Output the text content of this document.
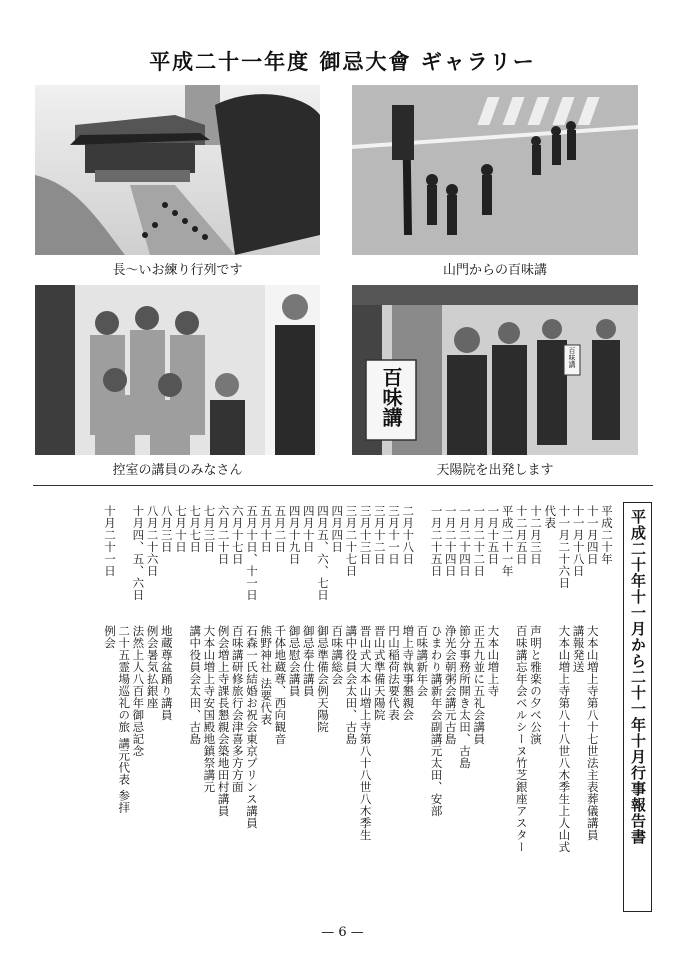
平成二十一年度 御忌大會 ギャラリー
長～いお練り行列です	山門からの百味講
控室の講員のみなさん
百味講
百味講
天陽院を出発します
平成二十年十一月から二十一年十月行事報告書
平成二十年
十一月四日
大本山増上寺第八十七世法主表葬儀講員
十一月十八日
講報発送
十一月二十六日
大本山増上寺第八十八世八木季生上人山式
代表
十二月三日
声明と雅楽の夕べ公演
十二月五日
百味講忘年会ベルシーヌ竹芝銀座アスター
平成二十一年
一月十五日
大本山増上寺
一月二十二日
正五九並に五礼会講員
一月二十四日
節分事務所開き太田、古島
一月二十四日
浄光会朝粥会講元古島
一月二十五日
ひまわり講新年会副講元太田、安部
百味講新年会
二月十八日
増上寺執事懇親会
三月十一日
円山稲荷法要代表
三月十二日
晋山式準備天陽院
三月十三日
晋山式大本山増上寺第八十八世八木季生
三月二十七日
講中役員会太田、古島
四月四日
百味講総会
四月五、六、七日
御忌準備会例天陽院
四月十日
御忌奉仕講員
四月十九日
御忌慰会講員
五月二日
千体地蔵尊、西向観音
五月十日
熊野神社 法要代表
五月十日、十一日
石森一氏結婚お祝会東京プリンス講員
六月十七日
百味講研修旅行会津喜多方方面
六月二十日
例会増上寺課長懇親会築地田村講員
七月三日
大本山増上寺安国殿地鎮祭講元
七月七日
講中役員会太田、古島
七月十日
八月三日
地蔵尊盆踊り講員
八月二十六日
例会暑気払銀座
十月四、五、六日
法然上人八百年御忌記念
二十五霊場巡礼の旅 講元代表 参拝
十月二十一日
例会
— 6 —
